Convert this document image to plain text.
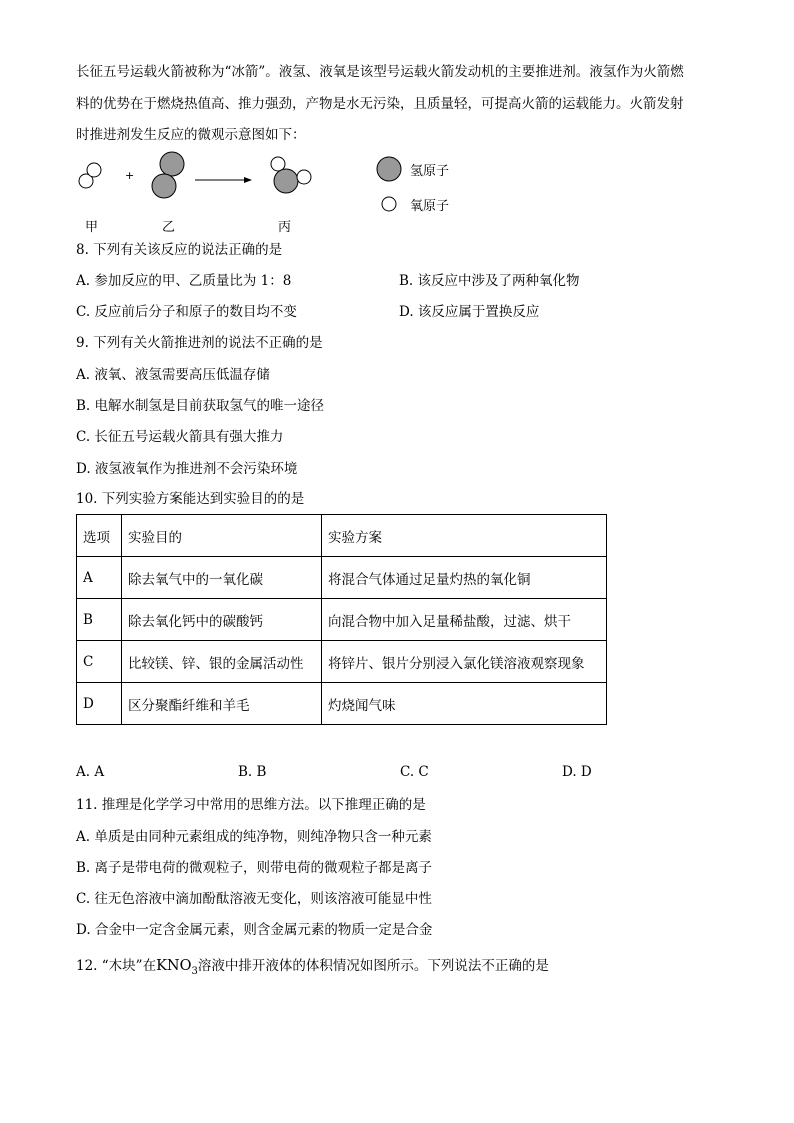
长征五号运载火箭被称为“冰箭”。液氢、液氧是该型号运载火箭发动机的主要推进剂。液氢作为火箭燃
料的优势在于燃烧热值高、推力强劲，产物是水无污染，且质量轻，可提高火箭的运载能力。火箭发射
时推进剂发生反应的微观示意图如下：
+	氢原子
氧原子
甲	乙	丙
8. 下列有关该反应的说法正确的是
A. 参加反应的甲、乙质量比为 1：8	B. 该反应中涉及了两种氧化物
C. 反应前后分子和原子的数目均不变	D. 该反应属于置换反应
9. 下列有关火箭推进剂的说法不正确的是
A. 液氧、液氢需要高压低温存储
B. 电解水制氢是目前获取氢气的唯一途径
C. 长征五号运载火箭具有强大推力
D. 液氢液氧作为推进剂不会污染环境
10. 下列实验方案能达到实验目的的是
选项	实验目的	实验方案
A	除去氧气中的一氧化碳	将混合气体通过足量灼热的氧化铜
B	除去氧化钙中的碳酸钙	向混合物中加入足量稀盐酸，过滤、烘干
C	比较镁、锌、银的金属活动性	将锌片、银片分别浸入氯化镁溶液观察现象
D	区分聚酯纤维和羊毛	灼烧闻气味
A. A	B. B	C. C	D. D
11. 推理是化学学习中常用的思维方法。以下推理正确的是
A. 单质是由同种元素组成的纯净物，则纯净物只含一种元素
B. 离子是带电荷的微观粒子，则带电荷的微观粒子都是离子
C. 往无色溶液中滴加酚酞溶液无变化，则该溶液可能显中性
D. 合金中一定含金属元素，则含金属元素的物质一定是合金
12. “木块”在$KNO_3$溶液中排开液体的体积情况如图所示。下列说法不正确的是
